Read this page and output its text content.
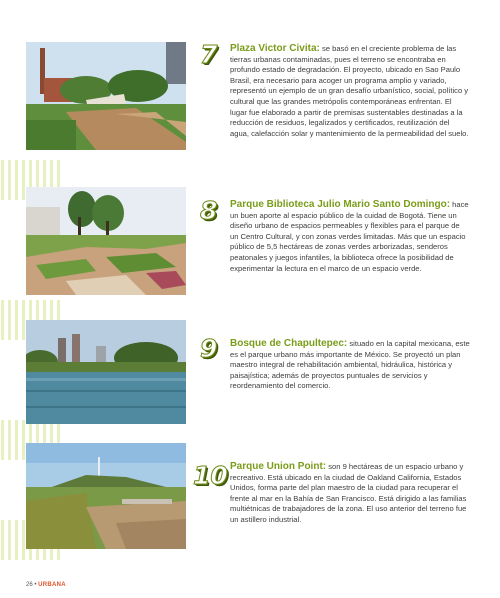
7
8
9
10
Plaza Victor Civita: se basó en el creciente problema de las tierras urbanas contaminadas, pues el terreno se encontraba en profundo estado de degradación. El proyecto, ubicado en Sao Paulo Brasil, era necesario para acoger un programa amplio y variado, representó un ejemplo de un gran desafío urbanístico, social, político y cultural que las grandes metrópolis contemporáneas enfrentan. El lugar fue elaborado a partir de premisas sustentables destinadas a la reducción de residuos, legalizados y certificados, reutilización del agua, calefacción solar y mantenimiento de la permeabilidad del suelo.
Parque Biblioteca Julio Mario Santo Domingo: hace un buen aporte al espacio público de la cuidad de Bogotá. Tiene un diseño urbano de espacios permeables y flexibles para el parque de un Centro Cultural, y con zonas verdes limitadas. Más que un espacio público de 5,5 hectáreas de zonas verdes arborizadas, senderos peatonales y juegos infantiles, la biblioteca ofrece la posibilidad de experimentar la lectura en el marco de un espacio verde.
Bosque de Chapultepec: situado en la capital mexicana, este es el parque urbano más importante de México. Se proyectó un plan maestro integral de rehabilitación ambiental, hidráulica, histórica y paisajística; además de proyectos puntuales de servicios y reordenamiento del comercio.
Parque Union Point: son 9 hectáreas de un espacio urbano y recreativo. Está ubicado en la ciudad de Oakland California, Estados Unidos, forma parte del plan maestro de la ciudad para recuperar el frente al mar en la Bahía de San Francisco. Está dirigido a las familias multiétnicas de trabajadores de la zona. El uso anterior del terreno fue un astillero industrial.
26 • URBANA
